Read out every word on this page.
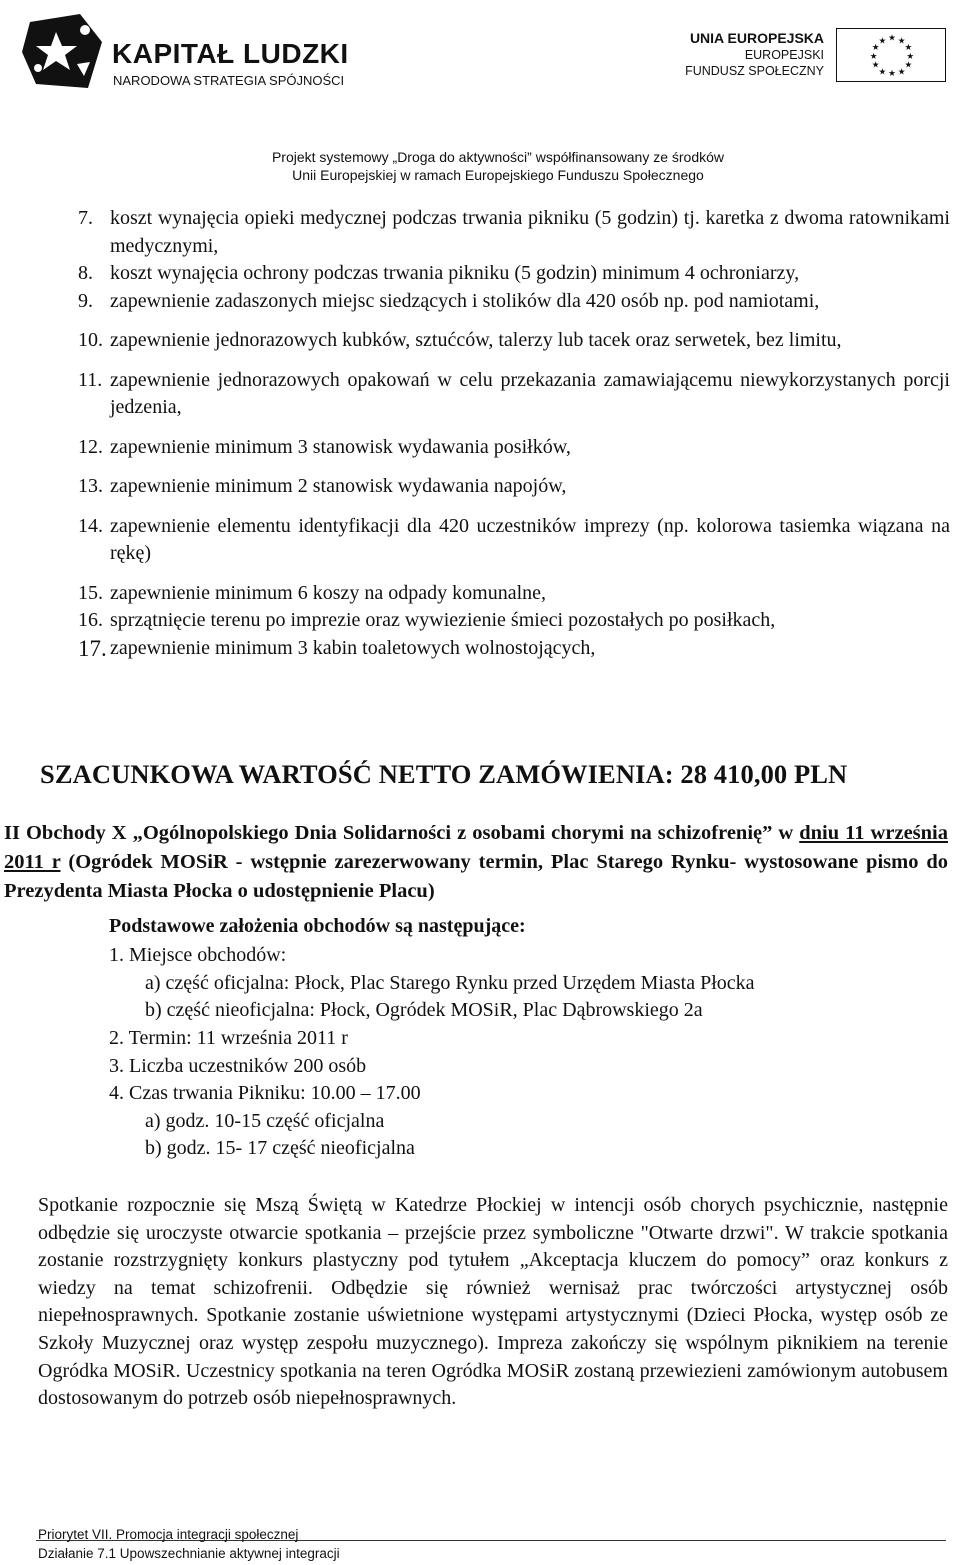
KAPITAŁ LUDZKI
NARODOWA STRATEGIA SPÓJNOŚCI
UNIA EUROPEJSKA
EUROPEJSKI
FUNDUSZ SPOŁECZNY
★ ★
★
★
★
★
★
★
★
★
★
★
Projekt systemowy „Droga do aktywności” współfinansowany ze środków
Unii Europejskiej w ramach Europejskiego Funduszu Społecznego
7. koszt wynajęcia opieki medycznej podczas trwania pikniku (5 godzin) tj. karetka z dwoma ratownikami medycznymi,
8. koszt wynajęcia ochrony podczas trwania pikniku (5 godzin) minimum 4 ochroniarzy,
9. zapewnienie zadaszonych miejsc siedzących i stolików dla 420 osób np. pod namiotami,
10. zapewnienie jednorazowych kubków, sztućców, talerzy lub tacek oraz serwetek, bez limitu,
11. zapewnienie jednorazowych opakowań w celu przekazania zamawiającemu niewykorzystanych porcji jedzenia,
12. zapewnienie minimum 3 stanowisk wydawania posiłków,
13. zapewnienie minimum 2 stanowisk wydawania napojów,
14. zapewnienie elementu identyfikacji dla 420 uczestników imprezy (np. kolorowa tasiemka wiązana na rękę)
15. zapewnienie minimum 6 koszy na odpady komunalne,
16. sprzątnięcie terenu po imprezie oraz wywiezienie śmieci pozostałych po posiłkach,
17. zapewnienie minimum 3 kabin toaletowych wolnostojących,
SZACUNKOWA WARTOŚĆ NETTO ZAMÓWIENIA: 28 410,00 PLN
II Obchody X „Ogólnopolskiego Dnia Solidarności z osobami chorymi na schizofrenię” w dniu 11 września 2011 r (Ogródek MOSiR - wstępnie zarezerwowany termin, Plac Starego Rynku- wystosowane pismo do Prezydenta Miasta Płocka o udostępnienie Placu)
Podstawowe założenia obchodów są następujące:
1. Miejsce obchodów:
a) część oficjalna: Płock, Plac Starego Rynku przed Urzędem Miasta Płocka
b) część nieoficjalna: Płock, Ogródek MOSiR, Plac Dąbrowskiego 2a
2. Termin: 11 września 2011 r
3. Liczba uczestników 200 osób
4. Czas trwania Pikniku: 10.00 – 17.00
a) godz. 10-15 część oficjalna
b) godz. 15- 17 część nieoficjalna
Spotkanie rozpocznie się Mszą Świętą w Katedrze Płockiej w intencji osób chorych psychicznie, następnie odbędzie się uroczyste otwarcie spotkania – przejście przez symboliczne "Otwarte drzwi". W trakcie spotkania zostanie rozstrzygnięty konkurs plastyczny pod tytułem „Akceptacja kluczem do pomocy” oraz konkurs z wiedzy na temat schizofrenii. Odbędzie się również wernisaż prac twórczości artystycznej osób niepełnosprawnych. Spotkanie zostanie uświetnione występami artystycznymi (Dzieci Płocka, występ osób ze Szkoły Muzycznej oraz występ zespołu muzycznego). Impreza zakończy się wspólnym piknikiem na terenie Ogródka MOSiR. Uczestnicy spotkania na teren Ogródka MOSiR zostaną przewiezieni zamówionym autobusem dostosowanym do potrzeb osób niepełnosprawnych.
Priorytet VII. Promocja integracji społecznej
Działanie 7.1 Upowszechnianie aktywnej integracji
